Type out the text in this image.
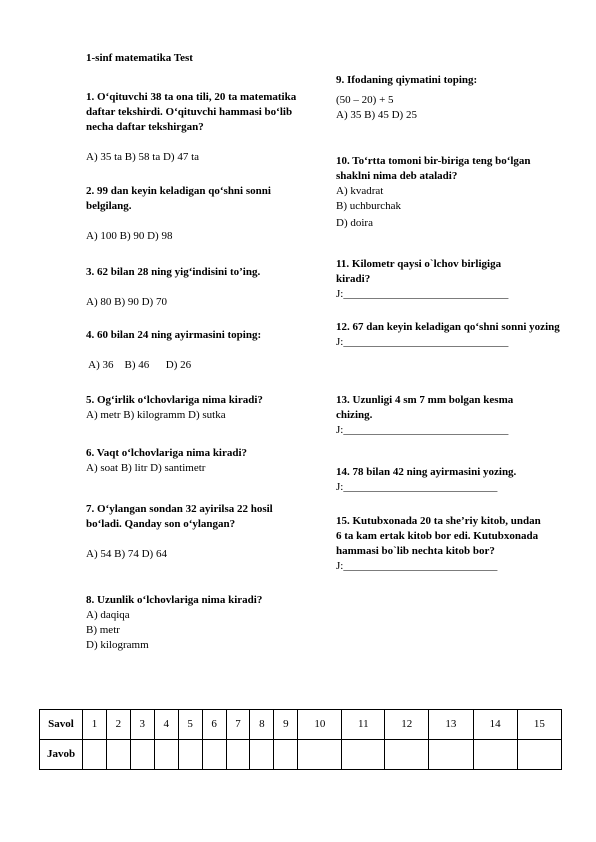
1-sinf matematika Test
1. O‘qituvchi 38 ta ona tili, 20 ta matematika daftar tekshirdi. O‘qituvchi hammasi bo‘lib necha daftar tekshirgan?
A) 35 ta B) 58 ta D) 47 ta
2. 99 dan keyin keladigan qo‘shni sonni belgilang.
A) 100 B) 90 D) 98
3. 62 bilan 28 ning yig‘indisini to’ing.
A) 80 B) 90 D) 70
4. 60 bilan 24 ning ayirmasini toping:
A) 36    B) 46      D) 26
5. Og‘irlik o‘lchovlariga nima kiradi?
A) metr B) kilogramm D) sutka
6. Vaqt o‘lchovlariga nima kiradi?
A) soat B) litr D) santimetr
7. O‘ylangan sondan 32 ayirilsa 22 hosil bo‘ladi. Qanday son o‘ylangan?
A) 54 B) 74 D) 64
8. Uzunlik o‘lchovlariga nima kiradi?
A) daqiqa
B) metr
D) kilogramm
9. Ifodaning qiymatini toping:
(50 – 20) + 5
A) 35 B) 45 D) 25
10. To‘rtta tomoni bir-biriga teng bo‘lgan shaklni nima deb ataladi?
A) kvadrat
B) uchburchak
D) doira
11. Kilometr qaysi o`lchov birligiga kiradi?
J:______________________________
12. 67 dan keyin keladigan qo‘shni sonni yozing
J:______________________________
13. Uzunligi 4 sm 7 mm bolgan kesma chizing.
J:______________________________
14. 78 bilan 42 ning ayirmasini yozing.
J:____________________________
15. Kutubxonada 20 ta she’riy kitob, undan 6 ta kam ertak kitob bor edi. Kutubxonada hammasi bo`lib nechta kitob bor?
J:____________________________
Savol	1	2	3	4	5	6	7	8	9	10	11	12	13	14	15
Javob															
